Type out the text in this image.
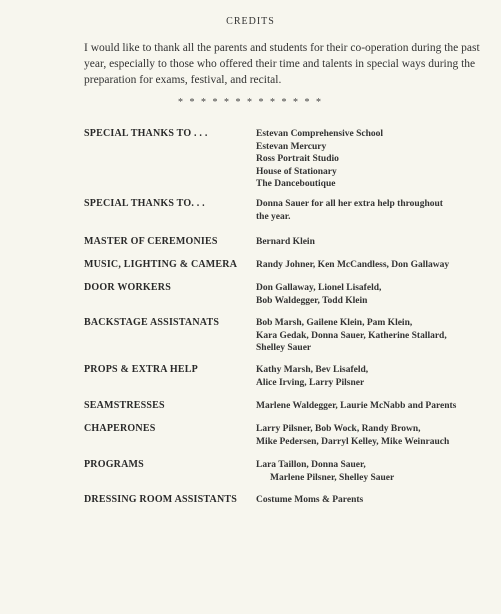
CREDITS
I would like to thank all the parents and students for their co-operation during the past year, especially to those who offered their time and talents in special ways during the preparation for exams, festival, and recital.
* * * * * * * * * * * * *
SPECIAL THANKS TO . . .	Estevan Comprehensive School
Estevan Mercury
Ross Portrait Studio
House of Stationary
The Danceboutique
SPECIAL THANKS TO. . .	Donna Sauer for all her extra help throughout
the year.
MASTER OF CEREMONIES	Bernard Klein
MUSIC, LIGHTING & CAMERA	Randy Johner, Ken McCandless, Don Gallaway
DOOR WORKERS	Don Gallaway, Lionel Lisafeld,
Bob Waldegger, Todd Klein
BACKSTAGE ASSISTANATS	Bob Marsh, Gailene Klein, Pam Klein,
Kara Gedak, Donna Sauer, Katherine Stallard,
Shelley Sauer
PROPS & EXTRA HELP	Kathy Marsh, Bev Lisafeld,
Alice Irving, Larry Pilsner
SEAMSTRESSES	Marlene Waldegger, Laurie McNabb and Parents
CHAPERONES	Larry Pilsner, Bob Wock, Randy Brown,
Mike Pedersen, Darryl Kelley, Mike Weinrauch
PROGRAMS	Lara Taillon, Donna Sauer,
Marlene Pilsner, Shelley Sauer
DRESSING ROOM ASSISTANTS	Costume Moms & Parents
